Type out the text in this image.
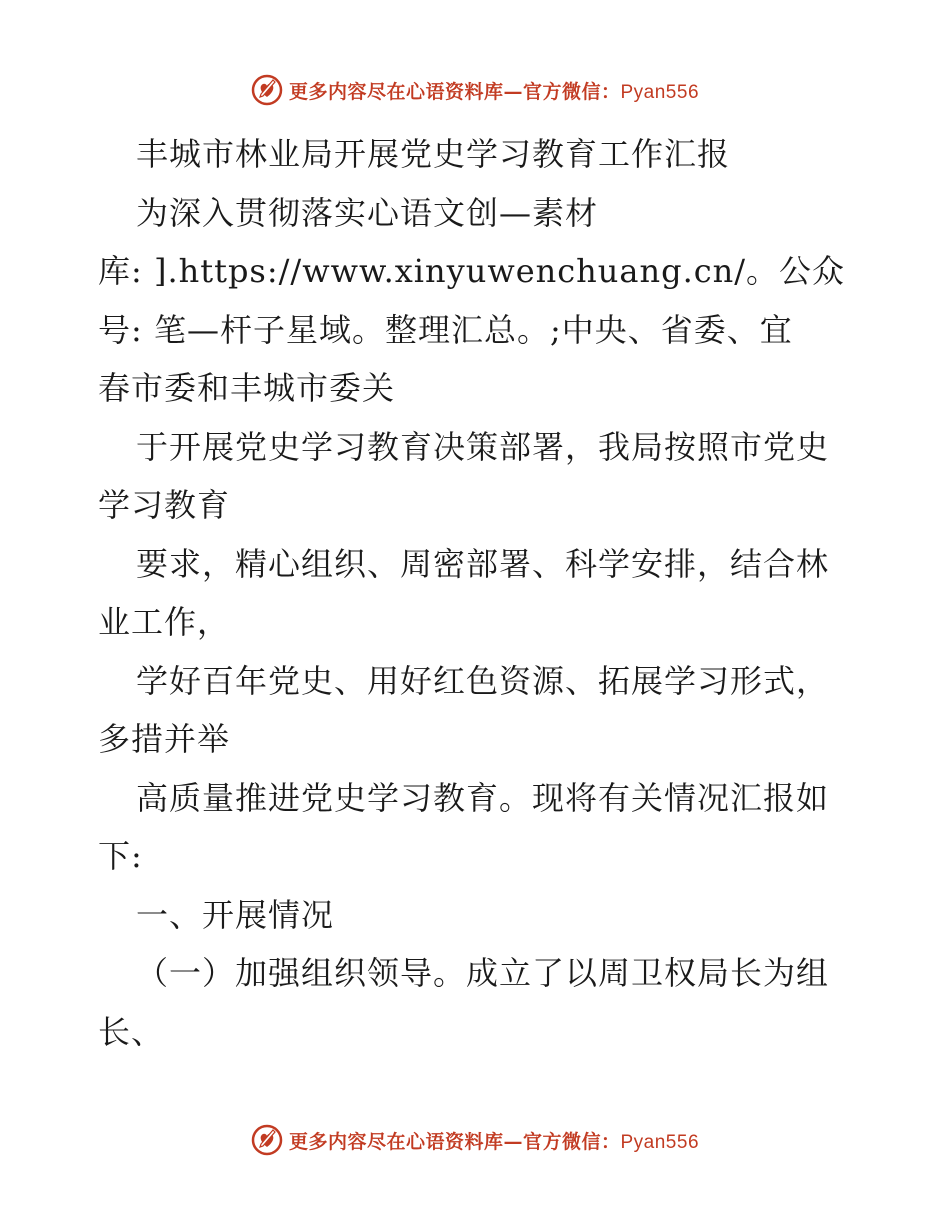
更多内容尽在心语资料库—官方微信：Pyan556
丰城市林业局开展党史学习教育工作汇报
为深入贯彻落实心语文创—素材
库: ].https://www.xinyuwenchuang.cn/。公众
号: 笔—杆子星域。整理汇总。;中央、省委、宜
春市委和丰城市委关
于开展党史学习教育决策部署，我局按照市党史
学习教育
要求，精心组织、周密部署、科学安排，结合林
业工作，
学好百年党史、用好红色资源、拓展学习形式，
多措并举
高质量推进党史学习教育。现将有关情况汇报如
下:
一、开展情况
（一）加强组织领导。成立了以周卫权局长为组
长、
更多内容尽在心语资料库—官方微信：Pyan556
